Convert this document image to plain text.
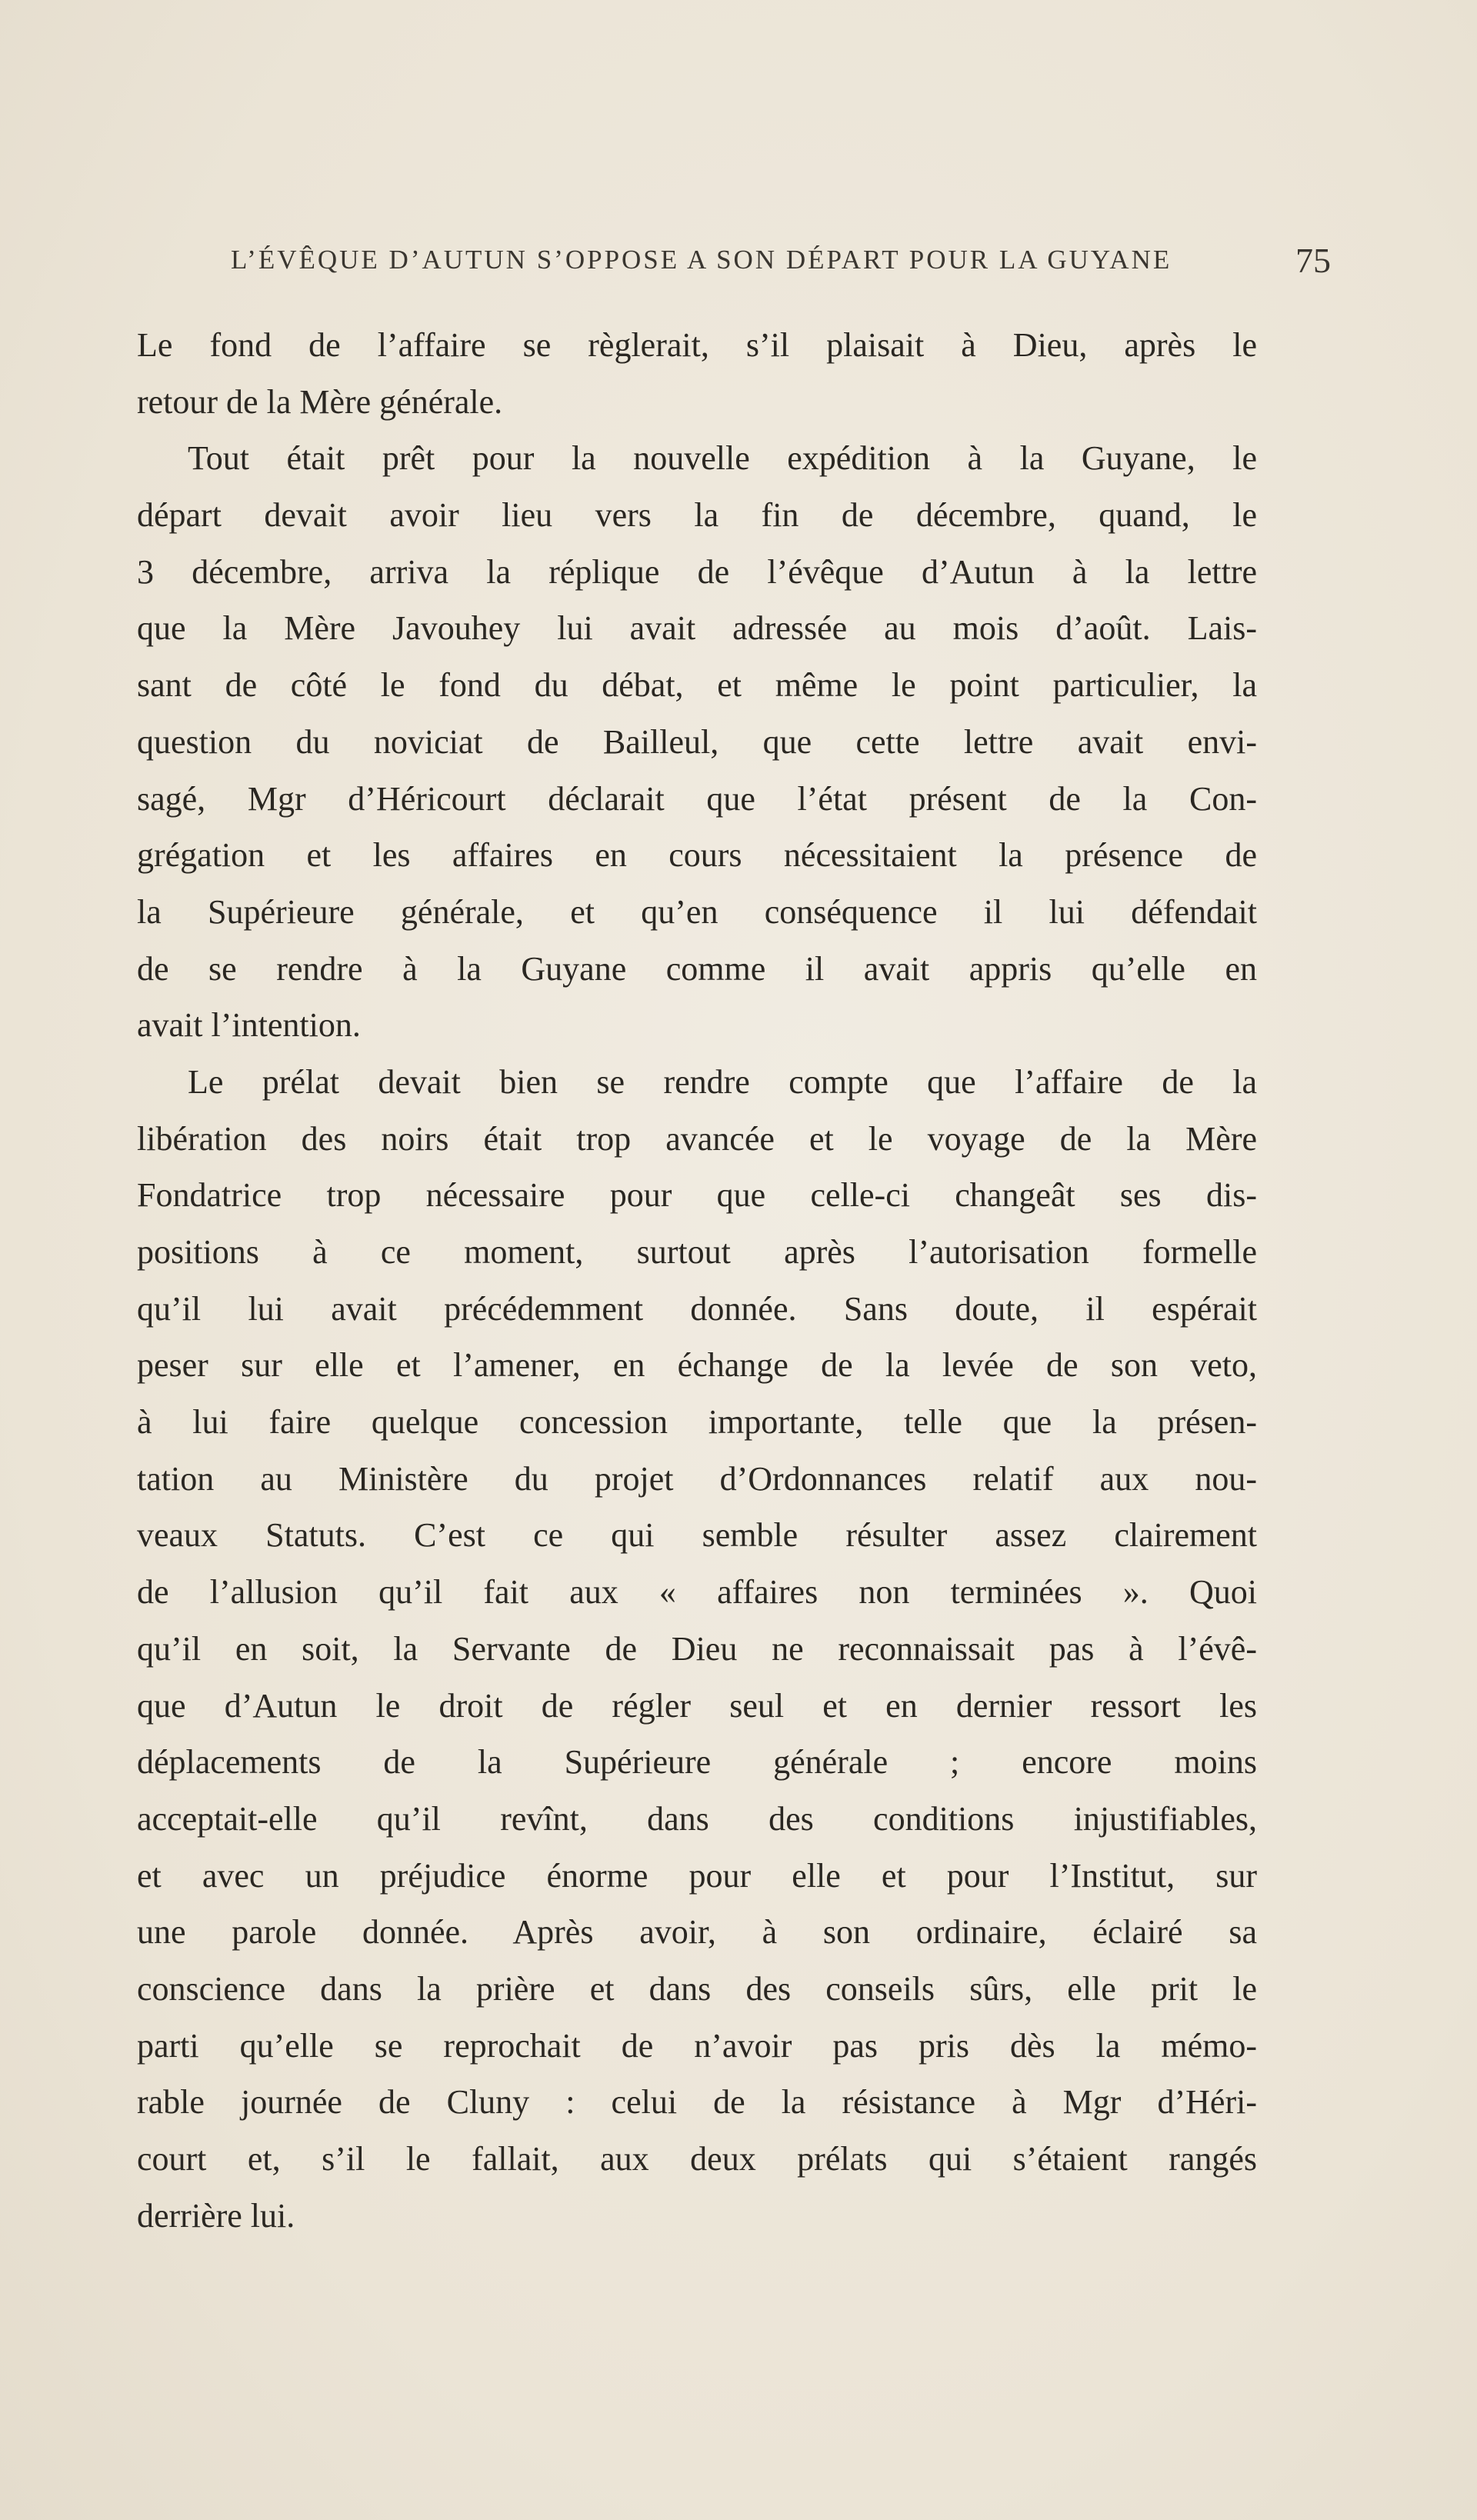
L’ÉVÊQUE D’AUTUN S’OPPOSE A SON DÉPART POUR LA GUYANE	75
Le fond de l’affaire se règlerait, s’il plaisait à Dieu, après le
retour de la Mère générale.
Tout était prêt pour la nouvelle expédition à la Guyane, le
départ devait avoir lieu vers la fin de décembre, quand, le
3 décembre, arriva la réplique de l’évêque d’Autun à la lettre
que la Mère Javouhey lui avait adressée au mois d’août. Lais-
sant de côté le fond du débat, et même le point particulier, la
question du noviciat de Bailleul, que cette lettre avait envi-
sagé, Mgr d’Héricourt déclarait que l’état présent de la Con-
grégation et les affaires en cours nécessitaient la présence de
la Supérieure générale, et qu’en conséquence il lui défendait
de se rendre à la Guyane comme il avait appris qu’elle en
avait l’intention.
Le prélat devait bien se rendre compte que l’affaire de la
libération des noirs était trop avancée et le voyage de la Mère
Fondatrice trop nécessaire pour que celle-ci changeât ses dis-
positions à ce moment, surtout après l’autorisation formelle
qu’il lui avait précédemment donnée. Sans doute, il espérait
peser sur elle et l’amener, en échange de la levée de son veto,
à lui faire quelque concession importante, telle que la présen-
tation au Ministère du projet d’Ordonnances relatif aux nou-
veaux Statuts. C’est ce qui semble résulter assez clairement
de l’allusion qu’il fait aux « affaires non terminées ». Quoi
qu’il en soit, la Servante de Dieu ne reconnaissait pas à l’évê-
que d’Autun le droit de régler seul et en dernier ressort les
déplacements de la Supérieure générale ; encore moins
acceptait-elle qu’il revînt, dans des conditions injustifiables,
et avec un préjudice énorme pour elle et pour l’Institut, sur
une parole donnée. Après avoir, à son ordinaire, éclairé sa
conscience dans la prière et dans des conseils sûrs, elle prit le
parti qu’elle se reprochait de n’avoir pas pris dès la mémo-
rable journée de Cluny : celui de la résistance à Mgr d’Héri-
court et, s’il le fallait, aux deux prélats qui s’étaient rangés
derrière lui.
